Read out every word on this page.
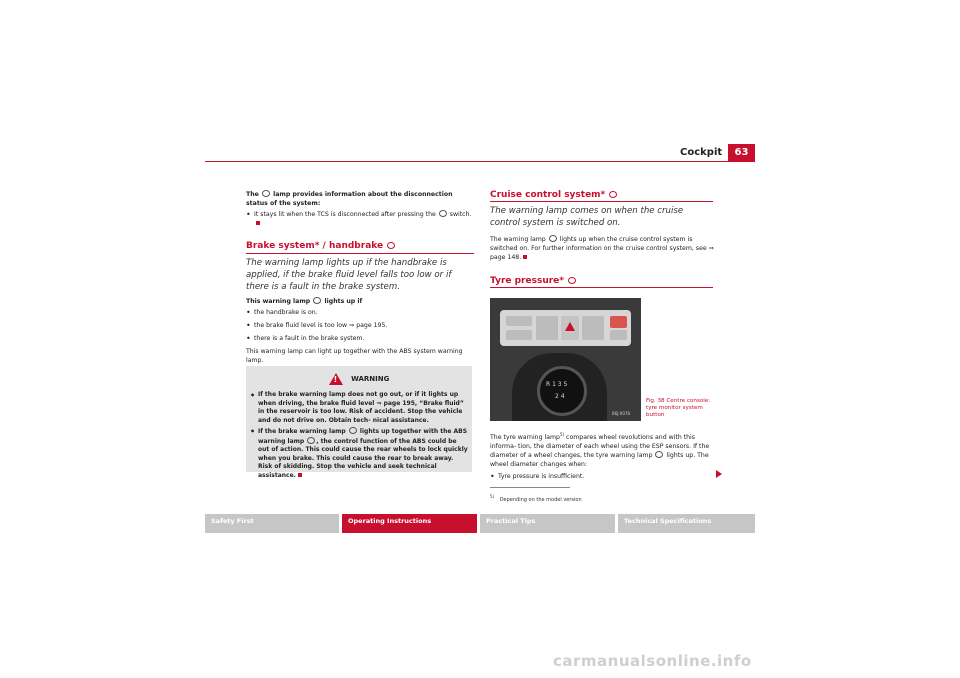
Cockpit	63

The lamp provides information about the disconnection status of the system:

• It stays lit when the TCS is disconnected after pressing the switch.

Brake system* / handbrake
The warning lamp lights up if the handbrake is applied, if the brake fluid level falls too low or if there is a fault in the brake system.

This warning lamp lights up if

• the handbrake is on.

• the brake fluid level is too low ⇒ page 195.

• there is a fault in the brake system.

This warning lamp can light up together with the ABS system warning lamp.

! WARNING

• If the brake warning lamp does not go out, or if it lights up when driving, the brake fluid level ⇒ page 195, “Brake fluid” in the reservoir is too low. Risk of accident. Stop the vehicle and do not drive on. Obtain tech- nical assistance.

• If the brake warning lamp lights up together with the ABS warning lamp , the control function of the ABS could be out of action. This could cause the rear wheels to lock quickly when you brake. This could cause the rear to break away. Risk of skidding. Stop the vehicle and seek technical assistance.

Cruise control system*
The warning lamp comes on when the cruise control system is switched on.

The warning lamp lights up when the cruise control system is switched on. For further information on the cruise control system, see ⇒ page 148.

Tyre pressure*
R 1 3 5
2 4
B6J-0078
Fig. 38 Centre console: tyre monitor system button

The tyre warning lamp$^{5)}$ compares wheel revolutions and with this informa- tion, the diameter of each wheel using the ESP sensors. If the diameter of a wheel changes, the tyre warning lamp lights up. The wheel diameter changes when:

• Tyre pressure is insufficient.

$^{5)}$ Depending on the model version
Safety First	Operating Instructions	Practical Tips	Technical Specifications
carmanualsonline.info
